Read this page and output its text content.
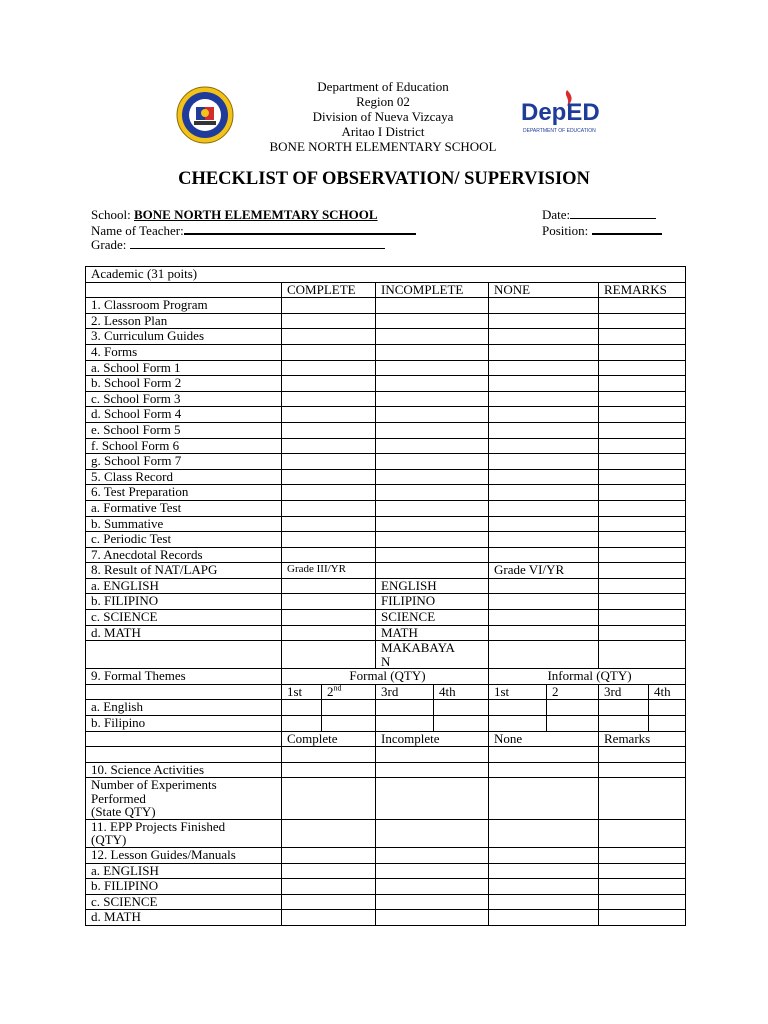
Department of Education
Region 02
Division of Nueva Vizcaya
Aritao I District
BONE NORTH ELEMENTARY SCHOOL
DepED
DEPARTMENT OF EDUCATION
CHECKLIST OF OBSERVATION/ SUPERVISION
School: BONE NORTH ELEMEMTARY SCHOOL
Name of Teacher:
Grade:
Date:
Position:
Academic (31 poits)								
	COMPLETE		INCOMPLETE		NONE		REMARKS	
1. Classroom Program								
2. Lesson Plan								
3. Curriculum Guides								
4. Forms								
a. School Form 1								
b. School Form 2								
c. School Form 3								
d. School Form 4								
e. School Form 5								
f. School Form 6								
g. School Form 7								
5. Class Record								
6. Test Preparation								
a. Formative Test								
b. Summative								
c. Periodic Test								
7. Anecdotal Records								
8. Result of NAT/LAPG	Grade III/YR				Grade VI/YR			
a. ENGLISH			ENGLISH					
b. FILIPINO			FILIPINO					
c. SCIENCE			SCIENCE					
d. MATH			MATH					

			MAKABAYA
N					

9. Formal Themes	Formal (QTY)				Informal (QTY)			
	1st	2nd	3rd	4th	1st	2	3rd	4th
a. English								
b. Filipino								
	Complete		Incomplete		None		Remarks	

10. Science Activities								

Number of Experiments
Performed
(State QTY)								

11. EPP Projects Finished
(QTY)								

12. Lesson Guides/Manuals								
a. ENGLISH								
b. FILIPINO								
c. SCIENCE								
d. MATH								
